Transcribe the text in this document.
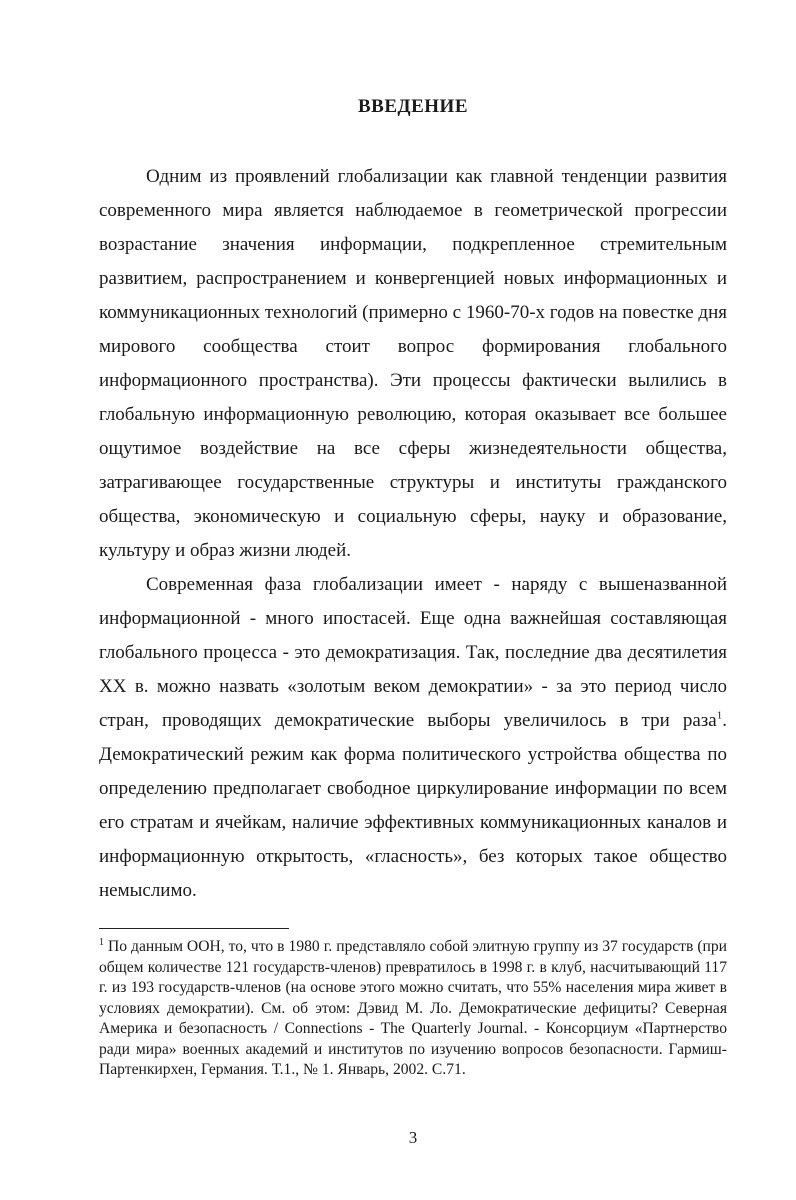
ВВЕДЕНИЕ

Одним из проявлений глобализации как главной тенденции развития современного мира является наблюдаемое в геометрической прогрессии возрастание значения информации, подкрепленное стремительным развитием, распространением и конвергенцией новых информационных и коммуникационных технологий (примерно с 1960-70-х годов на повестке дня мирового сообщества стоит вопрос формирования глобального информационного пространства). Эти процессы фактически вылились в глобальную информационную революцию, которая оказывает все большее ощутимое воздействие на все сферы жизнедеятельности общества, затрагивающее государственные структуры и институты гражданского общества, экономическую и социальную сферы, науку и образование, культуру и образ жизни людей.

Современная фаза глобализации имеет - наряду с вышеназванной информационной - много ипостасей. Еще одна важнейшая составляющая глобального процесса - это демократизация. Так, последние два десятилетия XX в. можно назвать «золотым веком демократии» - за это период число стран, проводящих демократические выборы увеличилось в три раза$^1$. Демократический режим как форма политического устройства общества по определению предполагает свободное циркулирование информации по всем его стратам и ячейкам, наличие эффективных коммуникационных каналов и информационную открытость, «гласность», без которых такое общество немыслимо.

$^1$ По данным ООН, то, что в 1980 г. представляло собой элитную группу из 37 государств (при общем количестве 121 государств-членов) превратилось в 1998 г. в клуб, насчитывающий 117 г. из 193 государств-членов (на основе этого можно считать, что 55% населения мира живет в условиях демократии). См. об этом: Дэвид М. Ло. Демократические дефициты? Северная Америка и безопасность / Connections - The Quarterly Journal. - Консорциум «Партнерство ради мира» военных академий и институтов по изучению вопросов безопасности. Гармиш-Партенкирхен, Германия. Т.1., № 1. Январь, 2002. С.71.
3
